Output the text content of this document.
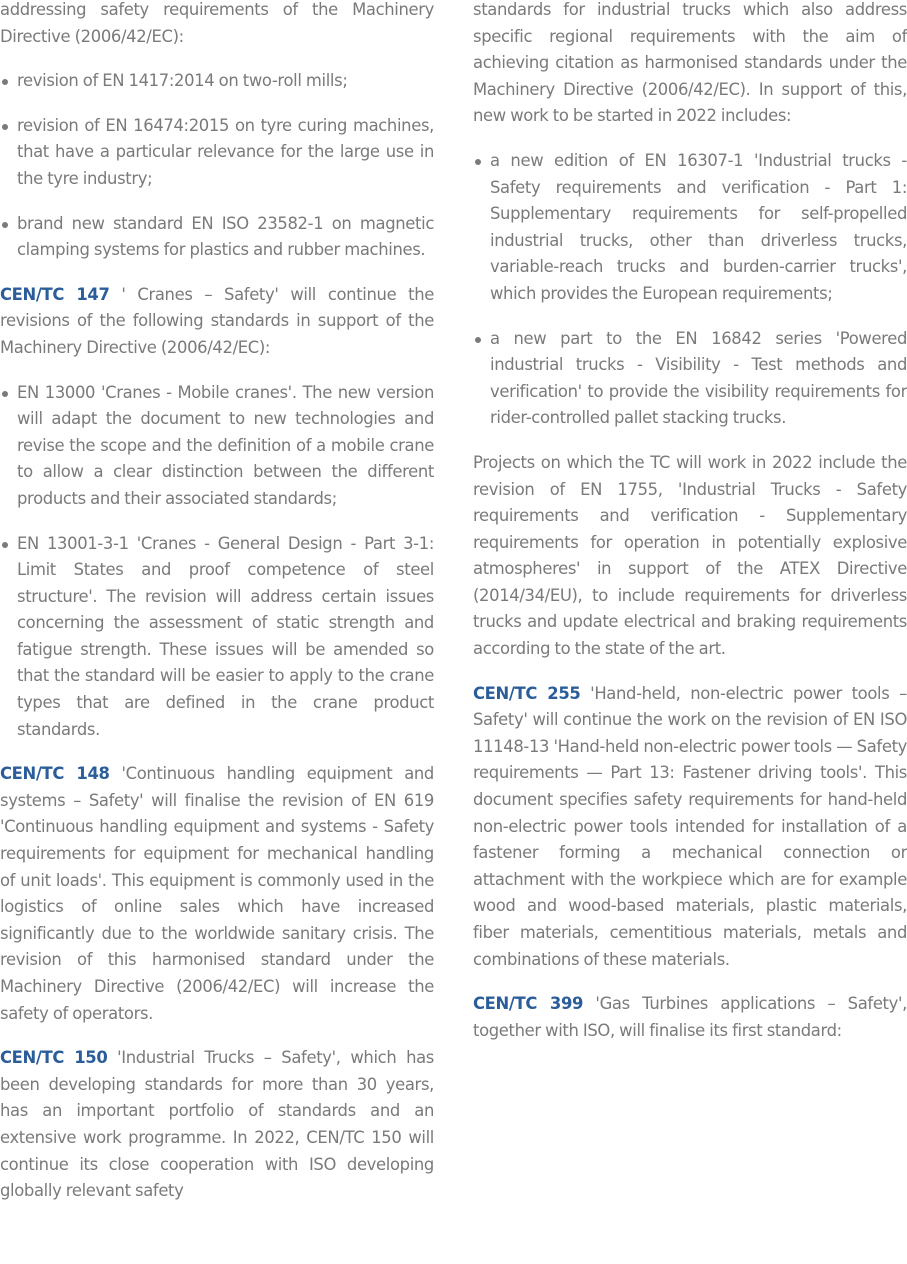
addressing safety requirements of the Machinery Directive (2006/42/EC):

revision of EN 1417:2014 on two-roll mills;
revision of EN 16474:2015 on tyre curing machines, that have a particular relevance for the large use in the tyre industry;
brand new standard EN ISO 23582-1 on magnetic clamping systems for plastics and rubber machines.

CEN/TC 147 ' Cranes – Safety' will continue the revisions of the following standards in support of the Machinery Directive (2006/42/EC):

EN 13000 'Cranes - Mobile cranes'. The new version will adapt the document to new technologies and revise the scope and the definition of a mobile crane to allow a clear distinction between the different products and their associated standards;
EN 13001-3-1 'Cranes - General Design - Part 3-1: Limit States and proof competence of steel structure'. The revision will address certain issues concerning the assessment of static strength and fatigue strength. These issues will be amended so that the standard will be easier to apply to the crane types that are defined in the crane product standards.

CEN/TC 148 'Continuous handling equipment and systems – Safety' will finalise the revision of EN 619 'Continuous handling equipment and systems - Safety requirements for equipment for mechanical handling of unit loads'. This equipment is commonly used in the logistics of online sales which have increased significantly due to the worldwide sanitary crisis. The revision of this harmonised standard under the Machinery Directive (2006/42/EC) will increase the safety of operators.

CEN/TC 150 'Industrial Trucks – Safety', which has been developing standards for more than 30 years, has an important portfolio of standards and an extensive work programme. In 2022, CEN/TC 150 will continue its close cooperation with ISO developing globally relevant safety

standards for industrial trucks which also address specific regional requirements with the aim of achieving citation as harmonised standards under the Machinery Directive (2006/42/EC). In support of this, new work to be started in 2022 includes:

a new edition of EN 16307-1 'Industrial trucks - Safety requirements and verification - Part 1: Supplementary requirements for self-propelled industrial trucks, other than driverless trucks, variable-reach trucks and burden-carrier trucks', which provides the European requirements;
a new part to the EN 16842 series 'Powered industrial trucks - Visibility - Test methods and verification' to provide the visibility requirements for rider-controlled pallet stacking trucks.

Projects on which the TC will work in 2022 include the revision of EN 1755, 'Industrial Trucks - Safety requirements and verification - Supplementary requirements for operation in potentially explosive atmospheres' in support of the ATEX Directive (2014/34/EU), to include requirements for driverless trucks and update electrical and braking requirements according to the state of the art.

CEN/TC 255 'Hand-held, non-electric power tools – Safety' will continue the work on the revision of EN ISO 11148-13 'Hand-held non-electric power tools — Safety requirements — Part 13: Fastener driving tools'. This document specifies safety requirements for hand-held non-electric power tools intended for installation of a fastener forming a mechanical connection or attachment with the workpiece which are for example wood and wood-based materials, plastic materials, fiber materials, cementitious materials, metals and combinations of these materials.

CEN/TC 399 'Gas Turbines applications – Safety', together with ISO, will finalise its first standard:
